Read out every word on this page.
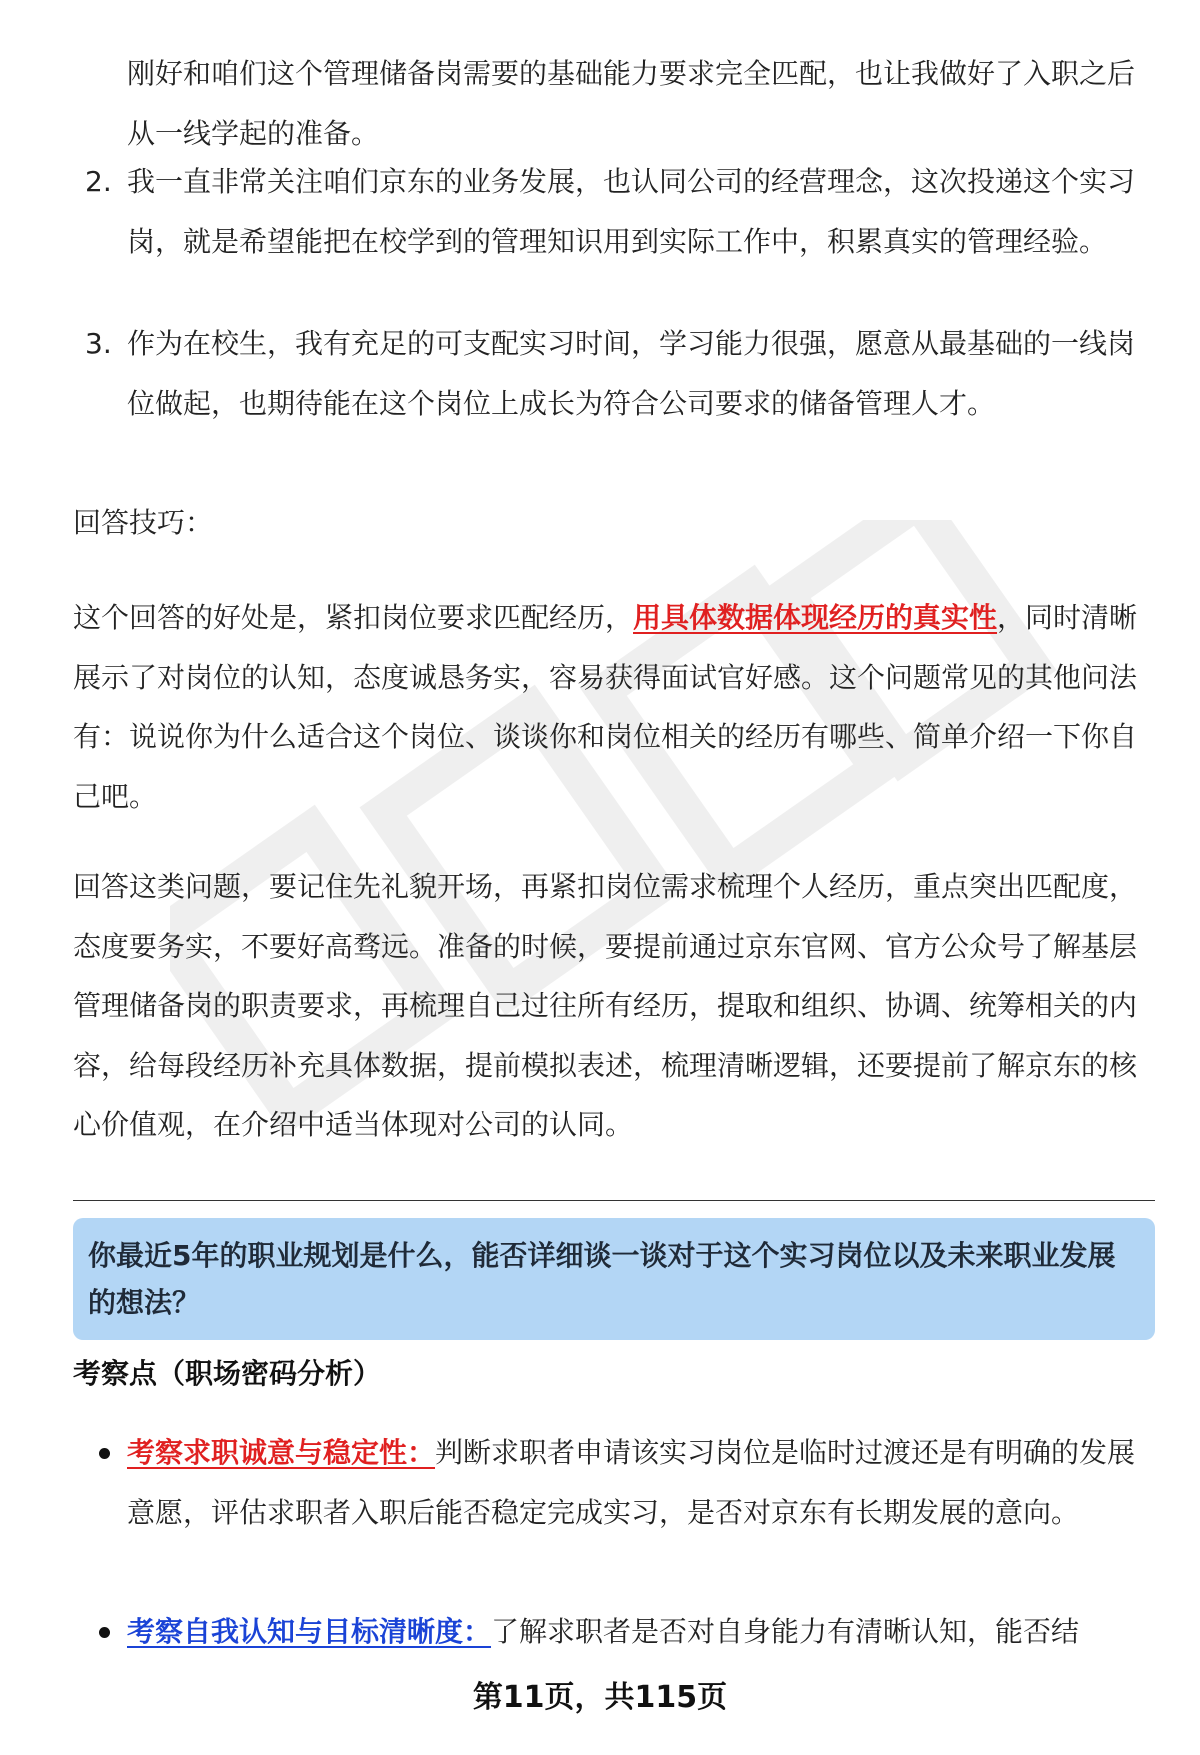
刚好和咱们这个管理储备岗需要的基础能力要求完全匹配，也让我做好了入职之后从一线学起的准备。
2. 我一直非常关注咱们京东的业务发展，也认同公司的经营理念，这次投递这个实习岗，就是希望能把在校学到的管理知识用到实际工作中，积累真实的管理经验。
3. 作为在校生，我有充足的可支配实习时间，学习能力很强，愿意从最基础的一线岗位做起，也期待能在这个岗位上成长为符合公司要求的储备管理人才。
回答技巧：
这个回答的好处是，紧扣岗位要求匹配经历，用具体数据体现经历的真实性，同时清晰展示了对岗位的认知，态度诚恳务实，容易获得面试官好感。这个问题常见的其他问法有：说说你为什么适合这个岗位、谈谈你和岗位相关的经历有哪些、简单介绍一下你自己吧。
回答这类问题，要记住先礼貌开场，再紧扣岗位需求梳理个人经历，重点突出匹配度，态度要务实，不要好高骛远。准备的时候，要提前通过京东官网、官方公众号了解基层管理储备岗的职责要求，再梳理自己过往所有经历，提取和组织、协调、统筹相关的内容，给每段经历补充具体数据，提前模拟表述，梳理清晰逻辑，还要提前了解京东的核心价值观，在介绍中适当体现对公司的认同。
你最近5年的职业规划是什么，能否详细谈一谈对于这个实习岗位以及未来职业发展的想法？
考察点（职场密码分析）
考察求职诚意与稳定性：判断求职者申请该实习岗位是临时过渡还是有明确的发展意愿，评估求职者入职后能否稳定完成实习，是否对京东有长期发展的意向。
考察自我认知与目标清晰度：了解求职者是否对自身能力有清晰认知，能否结
第11页，共115页
